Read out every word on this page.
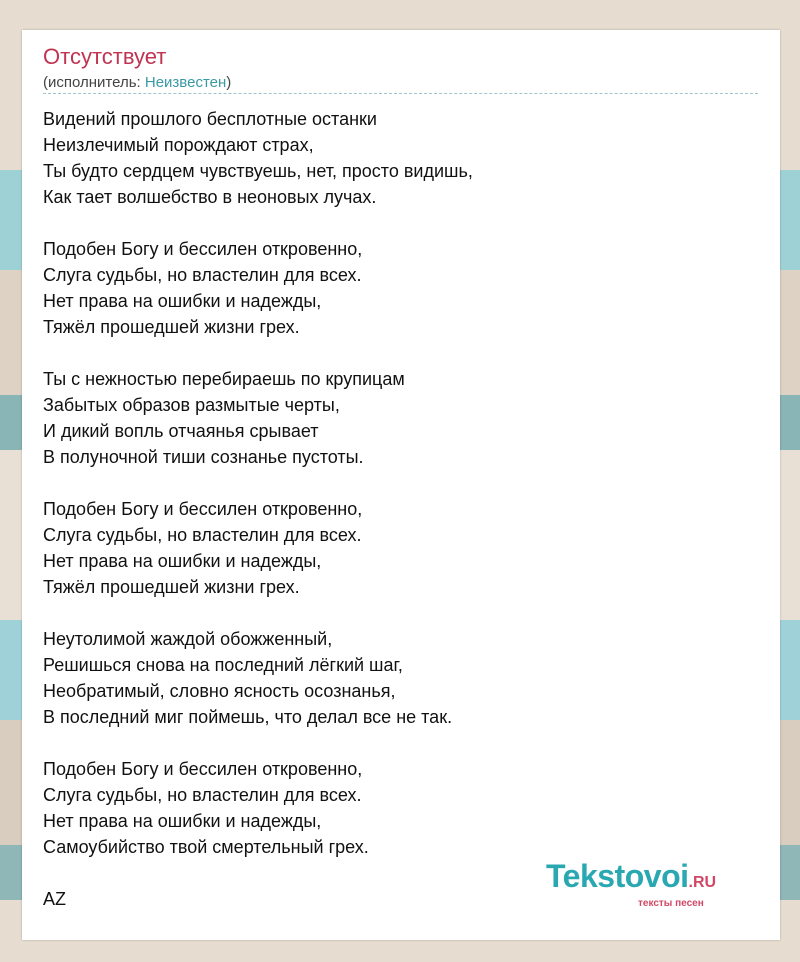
Отсутствует
(исполнитель: Неизвестен)
Видений прошлого бесплотные останки
Неизлечимый порождают страх,
Ты будто сердцем чувствуешь, нет, просто видишь,
Как тает волшебство в неоновых лучах.
Подобен Богу и бессилен откровенно,
Слуга судьбы, но властелин для всех.
Нет права на ошибки и надежды,
Тяжёл прошедшей жизни грех.
Ты с нежностью перебираешь по крупицам
Забытых образов размытые черты,
И дикий вопль отчаянья срывает
В полуночной тиши сознанье пустоты.
Подобен Богу и бессилен откровенно,
Слуга судьбы, но властелин для всех.
Нет права на ошибки и надежды,
Тяжёл прошедшей жизни грех.
Неутолимой жаждой обожженный,
Решишься снова на последний лёгкий шаг,
Необратимый, словно ясность осознанья,
В последний миг поймешь, что делал все не так.
Подобен Богу и бессилен откровенно,
Слуга судьбы, но властелин для всех.
Нет права на ошибки и надежды,
Самоубийство твой смертельный грех.
AZ
Tekstovoi.RU
тексты песен
